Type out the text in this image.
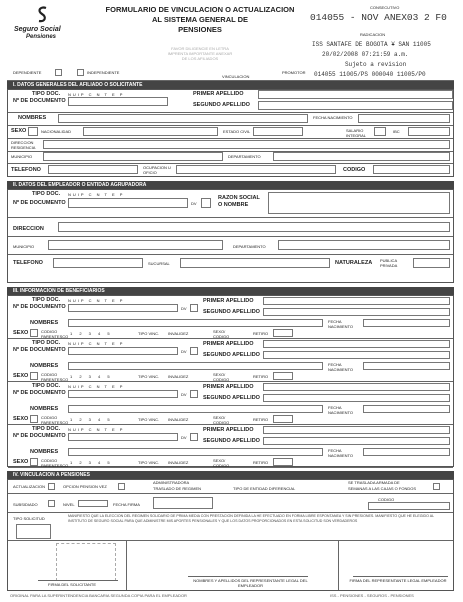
Seguro Social
Pensiones
FORMULARIO DE VINCULACION O ACTUALIZACION
AL SISTEMA GENERAL DE
PENSIONES
FAVOR DILIGENCIE EN LETRA
IMPRENTA IMPORTANTE ANEXAR
DE LOS AFILIADOS
CONSECUTIVO
014055 - NOV ANEX03 2 F0
RADICACION
ISS SANTAFE DE BOGOTA ¥ SAN 11005
20/02/2008 07:21:59 a.m.
Sujeto a revision
014055 11005/PS 000040 11005/P0
DEPENDIENTE	INDEPENDIENTE
VINCULACION
PROMOTOR
I. DATOS GENERALES DEL AFILIADO O SOLICITANTE
TIPO DOC. NUIP C N T E P
Nº DE DOCUMENTO
PRIMER APELLIDO
SEGUNDO APELLIDO
NOMBRES	FECHA NACIMIENTO
SEXO	NACIONALIDAD	ESTADO CIVIL	SALARIO INTEGRAL
IBC
DIRECCION RESIDENCIA
MUNICIPIO	DEPARTAMENTO
TELEFONO	OCUPACION U OFICIO	CODIGO
II. DATOS DEL EMPLEADOR O ENTIDAD AGRUPADORA
TIPO DOC. NUIP C N T E P
Nº DE DOCUMENTO	DV
RAZON SOCIAL O NOMBRE
DIRECCION
MUNICIPIO	DEPARTAMENTO
TELEFONO	SUCURSAL	NATURALEZA PUBLICA PRIVADA
III. INFORMACION DE BENEFICIARIOS
TIPO DOC. NUIP C N T E P
Nº DE DOCUMENTO	DV
PRIMER APELLIDO
SEGUNDO APELLIDO
NOMBRES	FECHA NACIMIENTO
SEXO	CODIGO PARENTESCO
1 2 3 4 5	TIPO VINC. INVALIDEZ	SEXO/ CODIGO
RETIRO
TIPO DOC. NUIP C N T E P
Nº DE DOCUMENTO	DV
PRIMER APELLIDO
SEGUNDO APELLIDO
NOMBRES	FECHA NACIMIENTO
SEXO	CODIGO PARENTESCO
1 2 3 4 5	TIPO VINC. INVALIDEZ	SEXO/ CODIGO
RETIRO
TIPO DOC. NUIP C N T E P
Nº DE DOCUMENTO	DV
PRIMER APELLIDO
SEGUNDO APELLIDO
NOMBRES	FECHA NACIMIENTO
SEXO	CODIGO PARENTESCO
1 2 3 4 5	TIPO VINC. INVALIDEZ	SEXO/ CODIGO
RETIRO
TIPO DOC. NUIP C N T E P
Nº DE DOCUMENTO	DV
PRIMER APELLIDO
SEGUNDO APELLIDO
NOMBRES	FECHA NACIMIENTO
SEXO	CODIGO PARENTESCO
1 2 3 4 5	TIPO VINC. INVALIDEZ	SEXO/ CODIGO
RETIRO
IV. VINCULACION A PENSIONES
ACTUALIZACION	OPCION PENSION VEZ
ADMINISTRADORA
TRASLADO DE REGIMEN	TIPO DE ENTIDAD DIFERENCIAL
SE TRASLADA ARMADA DE
SEMANAS A LAS CAJAS O FONDOS
SUBSIDIADO	NIVEL	FECHA FIRMA
CODIGO
TIPO SOLICITUD	MANIFIESTO QUE LA ELECCION DEL REGIMEN SOLIDARIO DE PRIMA MEDIA CON PRESTACION DEFINIDA LA HE EFECTUADO EN FORMA LIBRE ESPONTANEA Y SIN PRESIONES. MANIFIESTO QUE HE ELEGIDO AL INSTITUTO DE SEGURO SOCIAL PARA QUE ADMINISTRE MIS APORTES PENSIONALES Y QUE LOS DATOS PROPORCIONADOS EN ESTA SOLICITUD SON VERDADEROS
FIRMA DEL SOLICITANTE
NOMBRES Y APELLIDOS DEL REPRESENTANTE LEGAL DEL EMPLEADOR
FIRMA DEL REPRESENTANTE LEGAL EMPLEADOR
ORIGINAL PARA LA SUPERINTENDENCIA BANCARIA SEGUNDA COPIA PARA EL EMPLEADOR	ISS - PENSIONES - SEGUROS - PENSIONES
